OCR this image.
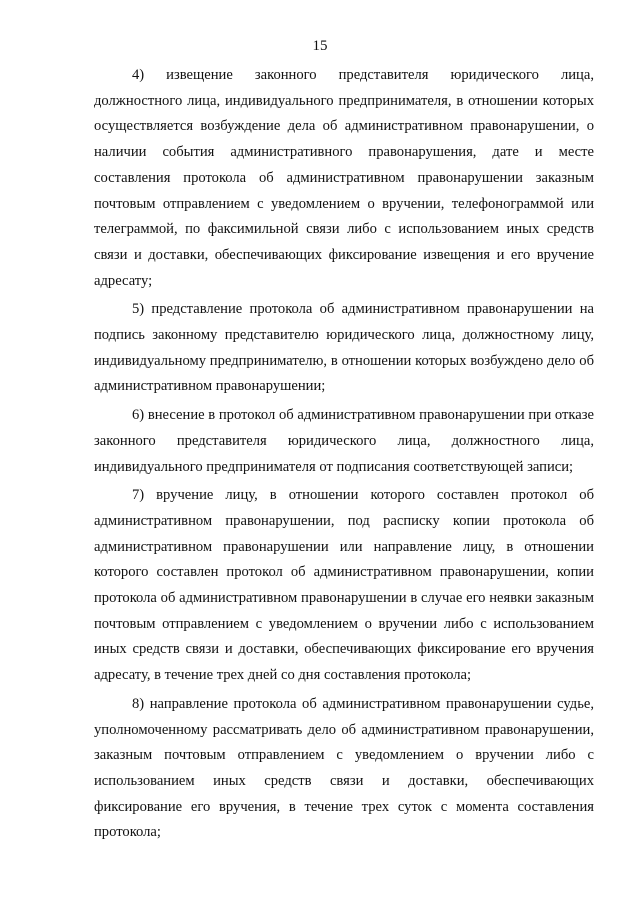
15

4) извещение законного представителя юридического лица, должностного лица, индивидуального предпринимателя, в отношении которых осуществляется возбуждение дела об административном правонарушении, о наличии события административного правонарушения, дате и месте составления протокола об административном правонарушении заказным почтовым отправлением с уведомлением о вручении, телефонограммой или телеграммой, по факсимильной связи либо с использованием иных средств связи и доставки, обеспечивающих фиксирование извещения и его вручение адресату;

5) представление протокола об административном правонарушении на подпись законному представителю юридического лица, должностному лицу, индивидуальному предпринимателю, в отношении которых возбуждено дело об административном правонарушении;

6) внесение в протокол об административном правонарушении при отказе законного представителя юридического лица, должностного лица, индивидуального предпринимателя от подписания соответствующей записи;

7) вручение лицу, в отношении которого составлен протокол об административном правонарушении, под расписку копии протокола об административном правонарушении или направление лицу, в отношении которого составлен протокол об административном правонарушении, копии протокола об административном правонарушении в случае его неявки заказным почтовым отправлением с уведомлением о вручении либо с использованием иных средств связи и доставки, обеспечивающих фиксирование его вручения адресату, в течение трех дней со дня составления протокола;

8) направление протокола об административном правонарушении судье, уполномоченному рассматривать дело об административном правонарушении, заказным почтовым отправлением с уведомлением о вручении либо с использованием иных средств связи и доставки, обеспечивающих фиксирование его вручения, в течение трех суток с момента составления протокола;
